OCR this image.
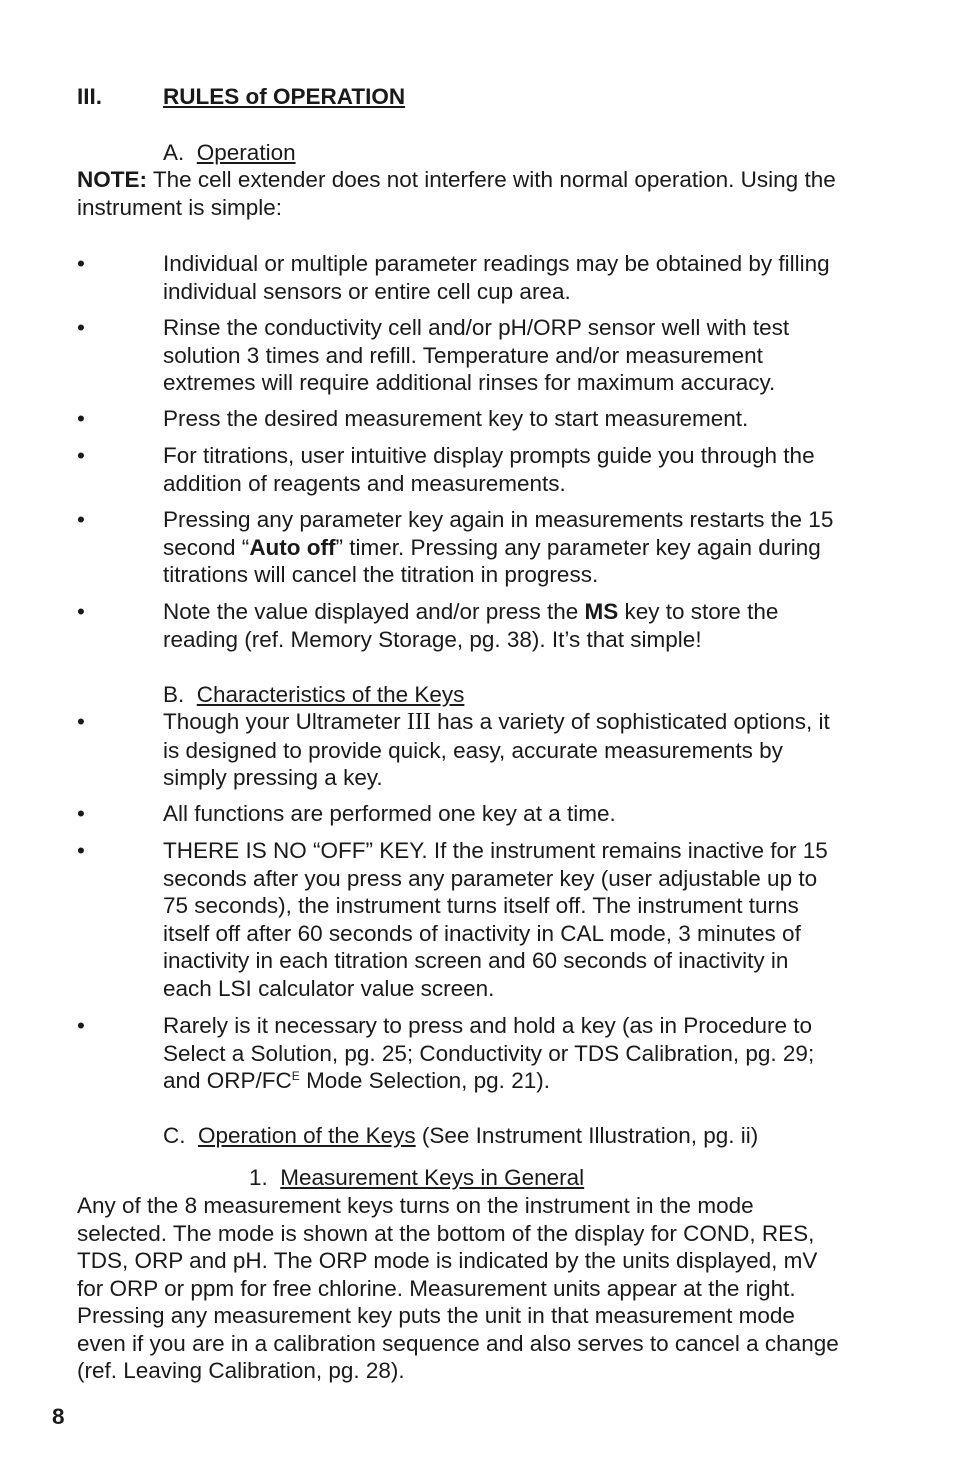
III.	RULES of OPERATION
A. Operation
NOTE: The cell extender does not interfere with normal operation. Using the instrument is simple:
•	Individual or multiple parameter readings may be obtained by filling individual sensors or entire cell cup area.
•	Rinse the conductivity cell and/or pH/ORP sensor well with test solution 3 times and refill. Temperature and/or measurement extremes will require additional rinses for maximum accuracy.
•	Press the desired measurement key to start measurement.
•	For titrations, user intuitive display prompts guide you through the addition of reagents and measurements.
•	Pressing any parameter key again in measurements restarts the 15 second “Auto off” timer. Pressing any parameter key again during titrations will cancel the titration in progress.
•	Note the value displayed and/or press the MS key to store the reading (ref. Memory Storage, pg. 38). It’s that simple!
B. Characteristics of the Keys
•	Though your Ultrameter III has a variety of sophisticated options, it is designed to provide quick, easy, accurate measurements by simply pressing a key.
•	All functions are performed one key at a time.
•	THERE IS NO “OFF” KEY. If the instrument remains inactive for 15 seconds after you press any parameter key (user adjustable up to 75 seconds), the instrument turns itself off. The instrument turns itself off after 60 seconds of inactivity in CAL mode, 3 minutes of inactivity in each titration screen and 60 seconds of inactivity in each LSI calculator value screen.
•	Rarely is it necessary to press and hold a key (as in Procedure to Select a Solution, pg. 25; Conductivity or TDS Calibration, pg. 29; and ORP/$FC^E$ Mode Selection, pg. 21).
C. Operation of the Keys (See Instrument Illustration, pg. ii)
1. Measurement Keys in General
Any of the 8 measurement keys turns on the instrument in the mode selected. The mode is shown at the bottom of the display for COND, RES, TDS, ORP and pH. The ORP mode is indicated by the units displayed, mV for ORP or ppm for free chlorine. Measurement units appear at the right. Pressing any measurement key puts the unit in that measurement mode even if you are in a calibration sequence and also serves to cancel a change (ref. Leaving Calibration, pg. 28).
8
